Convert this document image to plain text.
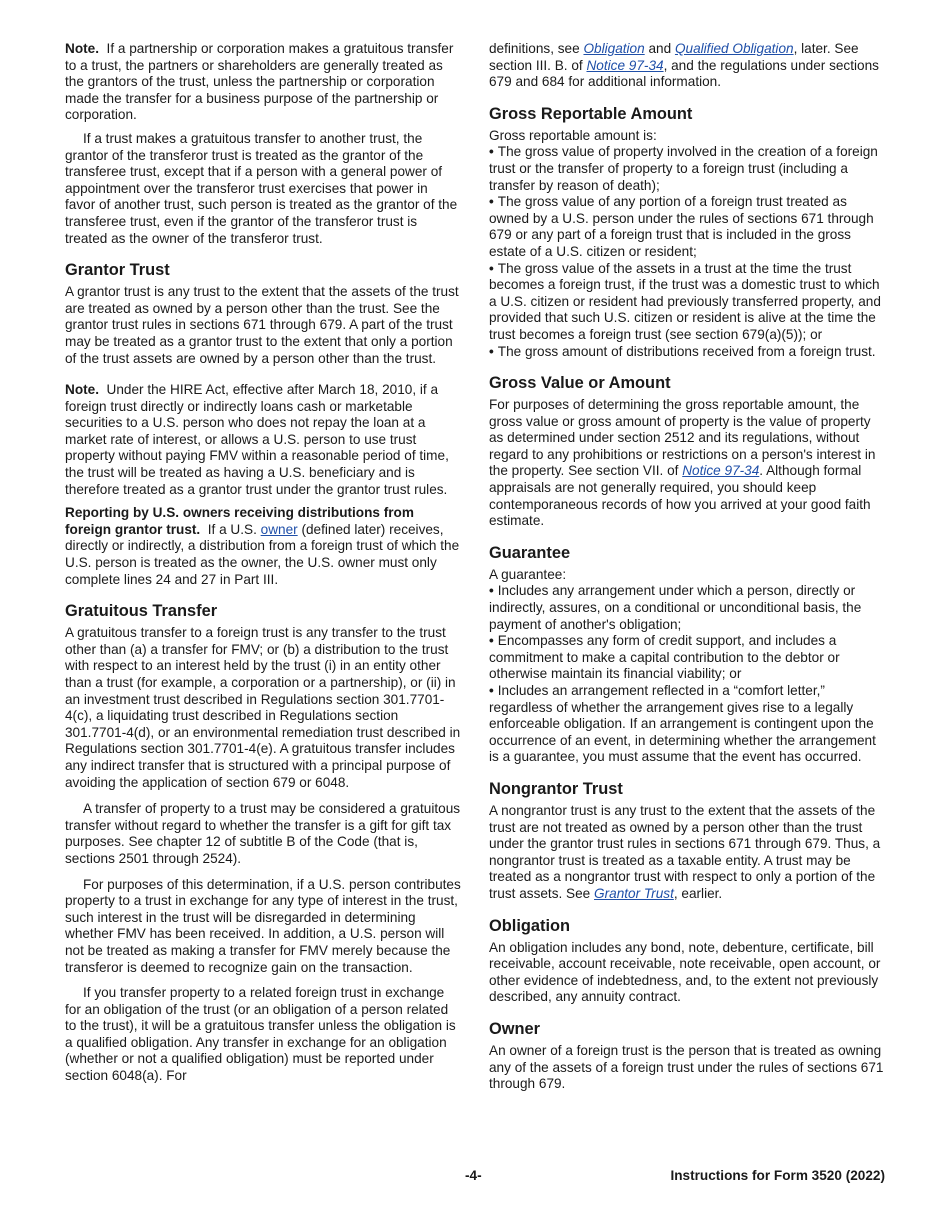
Note. If a partnership or corporation makes a gratuitous transfer to a trust, the partners or shareholders are generally treated as the grantors of the trust, unless the partnership or corporation made the transfer for a business purpose of the partnership or corporation.

If a trust makes a gratuitous transfer to another trust, the grantor of the transferor trust is treated as the grantor of the transferee trust, except that if a person with a general power of appointment over the transferor trust exercises that power in favor of another trust, such person is treated as the grantor of the transferee trust, even if the grantor of the transferor trust is treated as the owner of the transferor trust.

Grantor Trust

A grantor trust is any trust to the extent that the assets of the trust are treated as owned by a person other than the trust. See the grantor trust rules in sections 671 through 679. A part of the trust may be treated as a grantor trust to the extent that only a portion of the trust assets are owned by a person other than the trust.

Note. Under the HIRE Act, effective after March 18, 2010, if a foreign trust directly or indirectly loans cash or marketable securities to a U.S. person who does not repay the loan at a market rate of interest, or allows a U.S. person to use trust property without paying FMV within a reasonable period of time, the trust will be treated as having a U.S. beneficiary and is therefore treated as a grantor trust under the grantor trust rules.

Reporting by U.S. owners receiving distributions from foreign grantor trust. If a U.S. owner (defined later) receives, directly or indirectly, a distribution from a foreign trust of which the U.S. person is treated as the owner, the U.S. owner must only complete lines 24 and 27 in Part III.

Gratuitous Transfer

A gratuitous transfer to a foreign trust is any transfer to the trust other than (a) a transfer for FMV; or (b) a distribution to the trust with respect to an interest held by the trust (i) in an entity other than a trust (for example, a corporation or a partnership), or (ii) in an investment trust described in Regulations section 301.7701-4(c), a liquidating trust described in Regulations section 301.7701-4(d), or an environmental remediation trust described in Regulations section 301.7701-4(e). A gratuitous transfer includes any indirect transfer that is structured with a principal purpose of avoiding the application of section 679 or 6048.

A transfer of property to a trust may be considered a gratuitous transfer without regard to whether the transfer is a gift for gift tax purposes. See chapter 12 of subtitle B of the Code (that is, sections 2501 through 2524).

For purposes of this determination, if a U.S. person contributes property to a trust in exchange for any type of interest in the trust, such interest in the trust will be disregarded in determining whether FMV has been received. In addition, a U.S. person will not be treated as making a transfer for FMV merely because the transferor is deemed to recognize gain on the transaction.

If you transfer property to a related foreign trust in exchange for an obligation of the trust (or an obligation of a person related to the trust), it will be a gratuitous transfer unless the obligation is a qualified obligation. Any transfer in exchange for an obligation (whether or not a qualified obligation) must be reported under section 6048(a). For

definitions, see Obligation and Qualified Obligation, later. See section III. B. of Notice 97-34, and the regulations under sections 679 and 684 for additional information.

Gross Reportable Amount

Gross reportable amount is:

• The gross value of property involved in the creation of a foreign trust or the transfer of property to a foreign trust (including a transfer by reason of death);

• The gross value of any portion of a foreign trust treated as owned by a U.S. person under the rules of sections 671 through 679 or any part of a foreign trust that is included in the gross estate of a U.S. citizen or resident;

• The gross value of the assets in a trust at the time the trust becomes a foreign trust, if the trust was a domestic trust to which a U.S. citizen or resident had previously transferred property, and provided that such U.S. citizen or resident is alive at the time the trust becomes a foreign trust (see section 679(a)(5)); or

• The gross amount of distributions received from a foreign trust.

Gross Value or Amount

For purposes of determining the gross reportable amount, the gross value or gross amount of property is the value of property as determined under section 2512 and its regulations, without regard to any prohibitions or restrictions on a person's interest in the property. See section VII. of Notice 97-34. Although formal appraisals are not generally required, you should keep contemporaneous records of how you arrived at your good faith estimate.

Guarantee

A guarantee:

• Includes any arrangement under which a person, directly or indirectly, assures, on a conditional or unconditional basis, the payment of another's obligation;

• Encompasses any form of credit support, and includes a commitment to make a capital contribution to the debtor or otherwise maintain its financial viability; or

• Includes an arrangement reflected in a “comfort letter,” regardless of whether the arrangement gives rise to a legally enforceable obligation. If an arrangement is contingent upon the occurrence of an event, in determining whether the arrangement is a guarantee, you must assume that the event has occurred.

Nongrantor Trust

A nongrantor trust is any trust to the extent that the assets of the trust are not treated as owned by a person other than the trust under the grantor trust rules in sections 671 through 679. Thus, a nongrantor trust is treated as a taxable entity. A trust may be treated as a nongrantor trust with respect to only a portion of the trust assets. See Grantor Trust, earlier.

Obligation

An obligation includes any bond, note, debenture, certificate, bill receivable, account receivable, note receivable, open account, or other evidence of indebtedness, and, to the extent not previously described, any annuity contract.

Owner

An owner of a foreign trust is the person that is treated as owning any of the assets of a foreign trust under the rules of sections 671 through 679.

-4-	Instructions for Form 3520 (2022)
